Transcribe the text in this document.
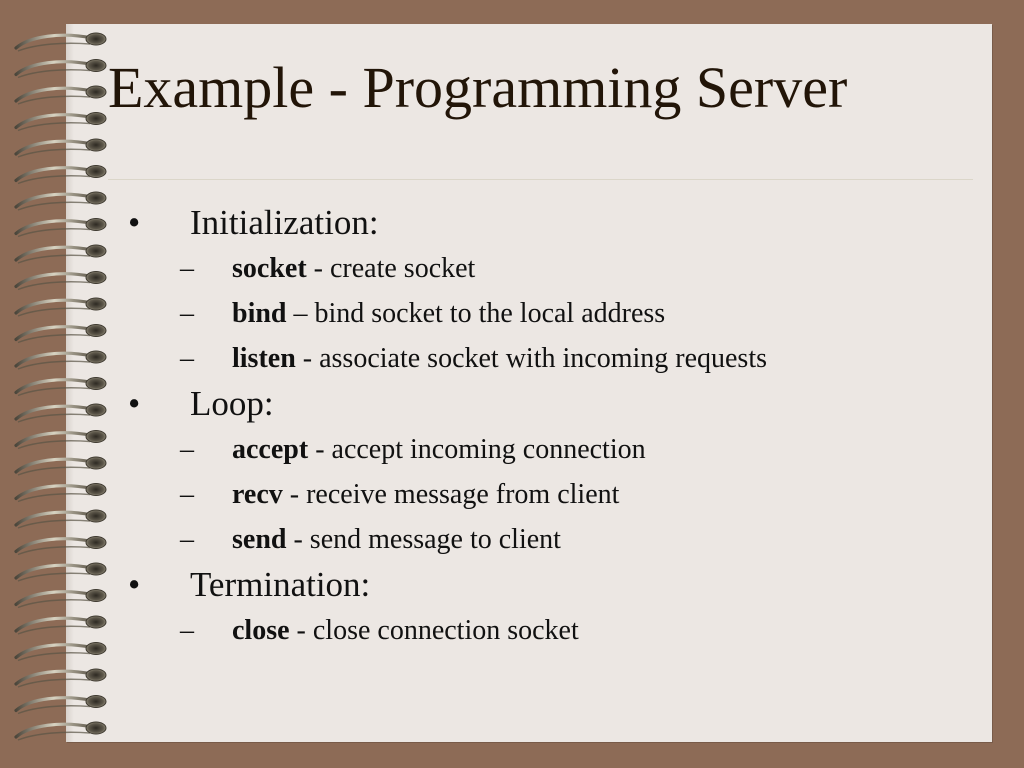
Example - Programming Server
• Initialization:
– socket - create socket
– bind – bind socket to the local address
– listen - associate socket with incoming requests
• Loop:
– accept - accept incoming connection
– recv - receive message from client
– send - send message to client
• Termination:
– close - close connection socket
